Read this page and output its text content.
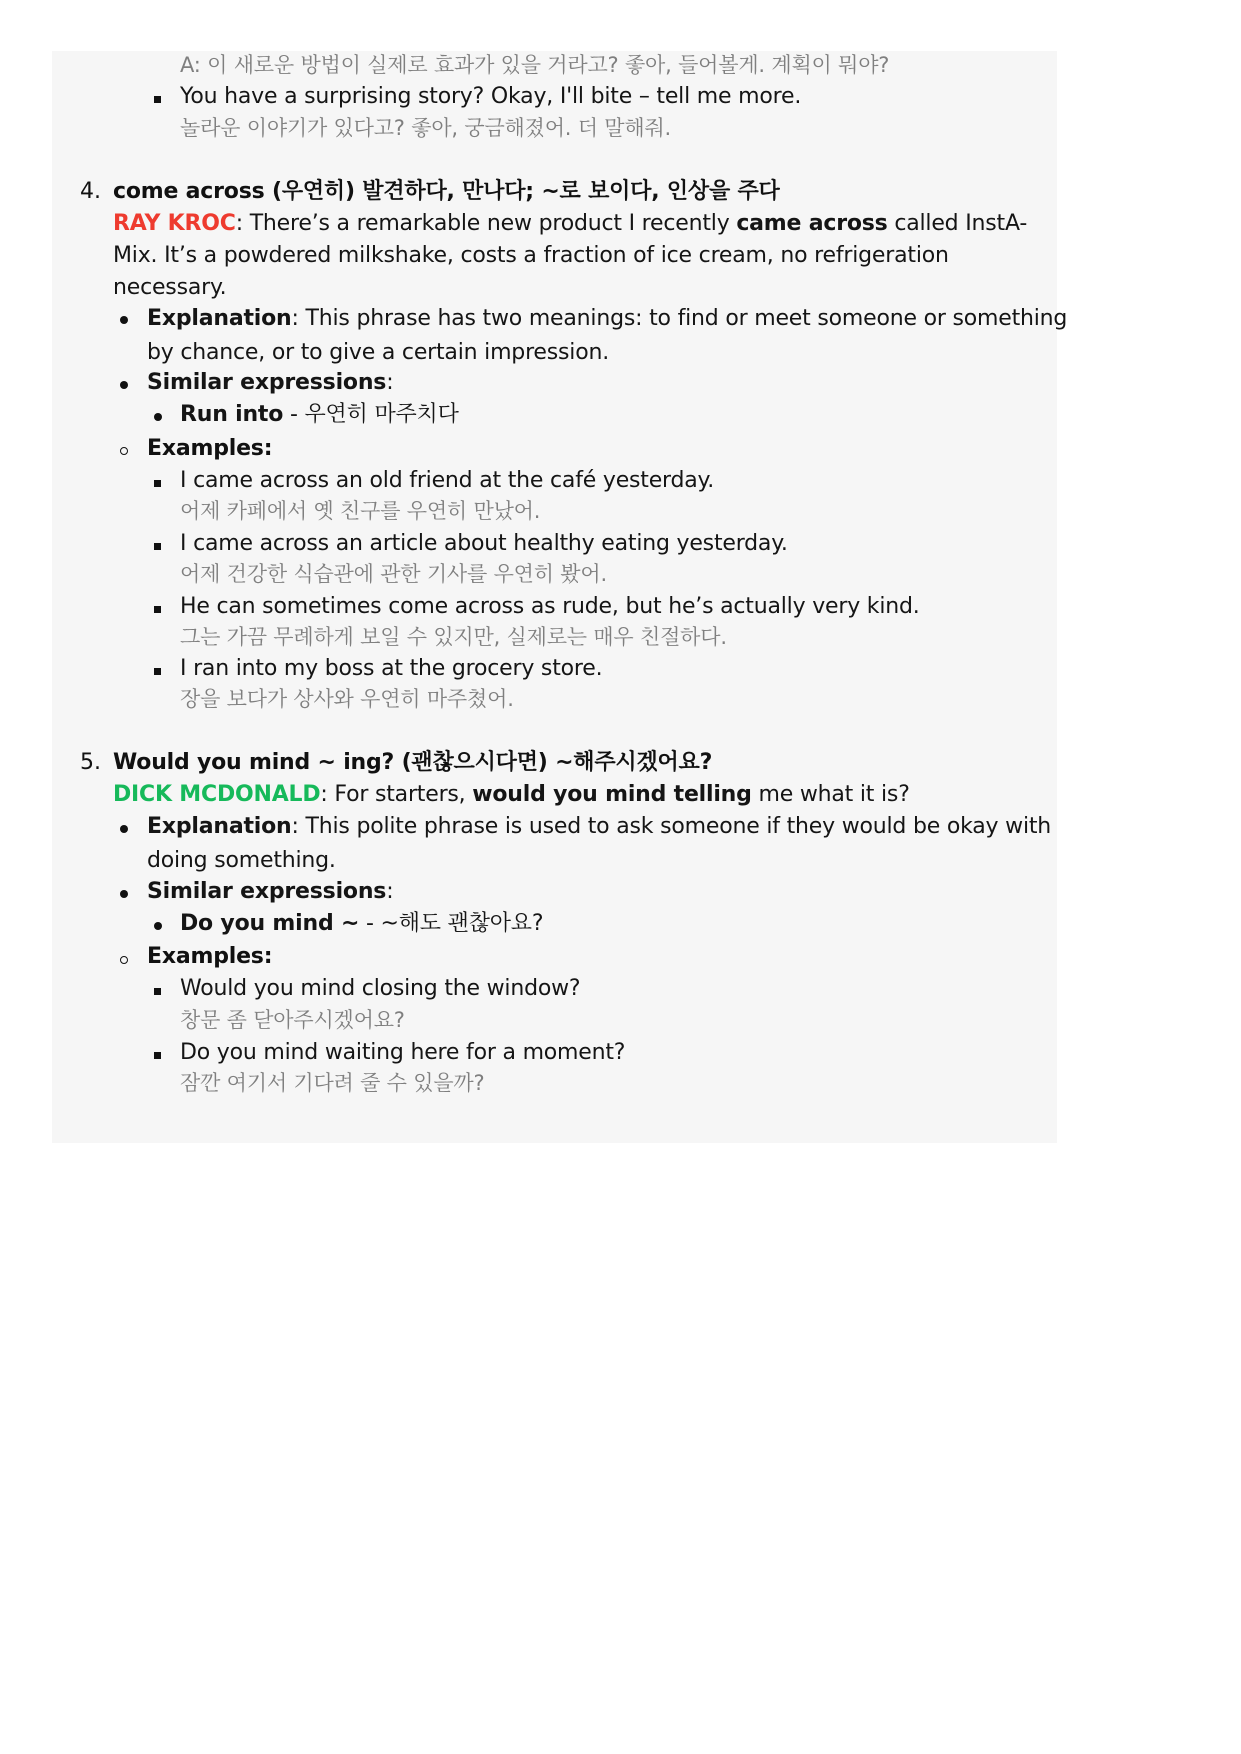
A: 이 새로운 방법이 실제로 효과가 있을 거라고? 좋아, 들어볼게. 계획이 뭐야?
You have a surprising story? Okay, I'll bite – tell me more.
놀라운 이야기가 있다고? 좋아, 궁금해졌어. 더 말해줘.
4. come across (우연히) 발견하다, 만나다; ~로 보이다, 인상을 주다
RAY KROC: There’s a remarkable new product I recently came across called InstA-
Mix. It’s a powdered milkshake, costs a fraction of ice cream, no refrigeration
necessary.
Explanation: This phrase has two meanings: to find or meet someone or something
by chance, or to give a certain impression.
Similar expressions:
Run into - 우연히 마주치다
Examples:
I came across an old friend at the café yesterday.
어제 카페에서 옛 친구를 우연히 만났어.
I came across an article about healthy eating yesterday.
어제 건강한 식습관에 관한 기사를 우연히 봤어.
He can sometimes come across as rude, but he’s actually very kind.
그는 가끔 무례하게 보일 수 있지만, 실제로는 매우 친절하다.
I ran into my boss at the grocery store.
장을 보다가 상사와 우연히 마주쳤어.
5. Would you mind ~ ing? (괜찮으시다면) ~해주시겠어요?
DICK MCDONALD: For starters, would you mind telling me what it is?
Explanation: This polite phrase is used to ask someone if they would be okay with
doing something.
Similar expressions:
Do you mind ~ - ~해도 괜찮아요?
Examples:
Would you mind closing the window?
창문 좀 닫아주시겠어요?
Do you mind waiting here for a moment?
잠깐 여기서 기다려 줄 수 있을까?
